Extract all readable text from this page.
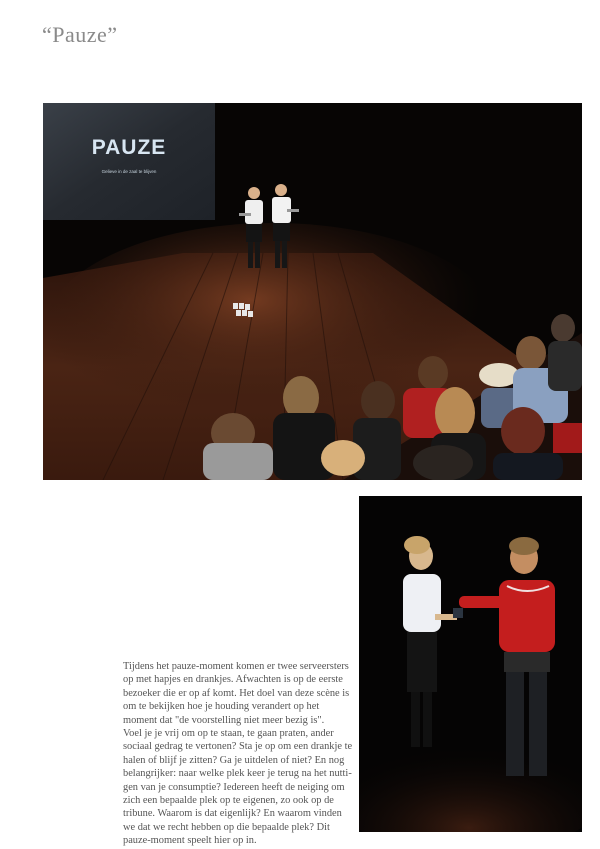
“Pauze”
PAUZE
Gelieve in de zaal te blijven

Tijdens het pauze-moment komen er twee serveersters

op met hapjes en drankjes. Afwachten is op de eerste

bezoeker die er op af komt. Het doel van deze scène is

om te bekijken hoe je houding verandert op het

moment dat "de voorstelling niet meer bezig is".

Voel je je vrij om op te staan, te gaan praten, ander

sociaal gedrag te vertonen? Sta je op om een drankje te

halen of blijf je zitten? Ga je uitdelen of niet? En nog

belangrijker: naar welke plek keer je terug na het nutti-

gen van je consumptie? Iedereen heeft de neiging om

zich een bepaalde plek op te eigenen, zo ook op de

tribune. Waarom is dat eigenlijk? En waarom vinden

we dat we recht hebben op die bepaalde plek? Dit

pauze-moment speelt hier op in.
